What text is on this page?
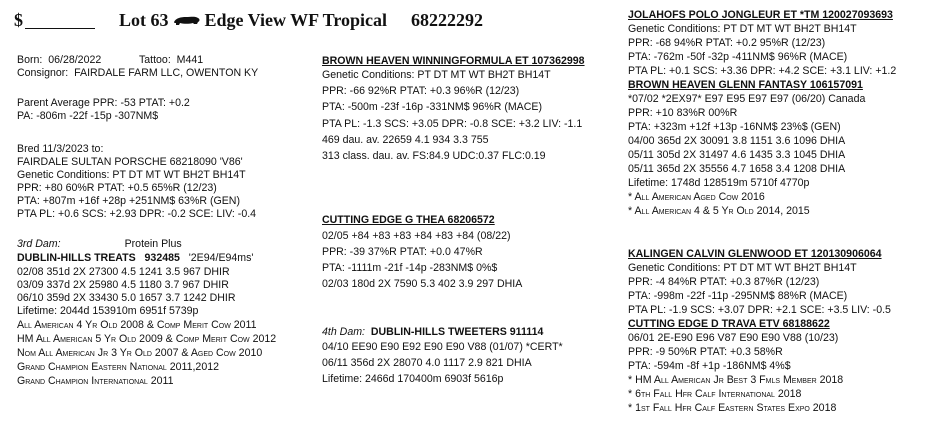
$	Lot 63 Edge View WF Tropical 68222292
Born: 06/28/2022	Tattoo: M441
Consignor: FAIRDALE FARM LLC, OWENTON KY
Parent Average PPR: -53 PTAT: +0.2
PA: -806m -22f -15p -307NM$
Bred 11/3/2023 to:
FAIRDALE SULTAN PORSCHE 68218090 'V86'
Genetic Conditions: PT DT MT WT BH2T BH14T
PPR: +80 60%R PTAT: +0.5 65%R (12/23)
PTA: +807m +16f +28p +251NM$ 63%R (GEN)
PTA PL: +0.6 SCS: +2.93 DPR: -0.2 SCE: LIV: -0.4
3rd Dam:	Protein Plus
DUBLIN-HILLS TREATS 932485 '2E94/E94ms'
02/08 351d 2X 27300 4.5 1241 3.5 967 DHIR
03/09 337d 2X 25980 4.5 1180 3.7 967 DHIR
06/10 359d 2X 33430 5.0 1657 3.7 1242 DHIR
Lifetime: 2044d 153910m 6951f 5739p
All American 4 Yr Old 2008 & Comp Merit Cow 2011
HM All American 5 Yr Old 2009 & Comp Merit Cow 2012
Nom All American Jr 3 Yr Old 2007 & Aged Cow 2010
Grand Champion Eastern National 2011,2012
Grand Champion International 2011
BROWN HEAVEN WINNINGFORMULA ET 107362998
Genetic Conditions: PT DT MT WT BH2T BH14T
PPR: -66 92%R PTAT: +0.3 96%R (12/23)
PTA: -500m -23f -16p -331NM$ 96%R (MACE)
PTA PL: -1.3 SCS: +3.05 DPR: -0.8 SCE: +3.2 LIV: -1.1
469 dau. av. 22659 4.1 934 3.3 755
313 class. dau. av. FS:84.9 UDC:0.37 FLC:0.19
CUTTING EDGE G THEA 68206572
02/05 +84 +83 +83 +84 +83 +84 (08/22)
PPR: -39 37%R PTAT: +0.0 47%R
PTA: -1111m -21f -14p -283NM$ 0%$
02/03 180d 2X 7590 5.3 402 3.9 297 DHIA
4th Dam: DUBLIN-HILLS TWEETERS 911114
04/10 EE90 E90 E92 E90 E90 V88 (01/07) *CERT*
06/11 356d 2X 28070 4.0 1117 2.9 821 DHIA
Lifetime: 2466d 170400m 6903f 5616p
JOLAHOFS POLO JONGLEUR ET *TM 120027093693
Genetic Conditions: PT DT MT WT BH2T BH14T
PPR: -68 94%R PTAT: +0.2 95%R (12/23)
PTA: -762m -50f -32p -411NM$ 96%R (MACE)
PTA PL: +0.1 SCS: +3.36 DPR: +4.2 SCE: +3.1 LIV: +1.2
BROWN HEAVEN GLENN FANTASY 106157091
*07/02 *2EX97* E97 E95 E97 E97 (06/20) Canada
PPR: +10 83%R 00%R
PTA: +323m +12f +13p -16NM$ 23%$ (GEN)
04/00 365d 2X 30091 3.8 1151 3.6 1096 DHIA
05/11 305d 2X 31497 4.6 1435 3.3 1045 DHIA
05/11 365d 2X 35556 4.7 1658 3.4 1208 DHIA
Lifetime: 1748d 128519m 5710f 4770p
* All American Aged Cow 2016
* All American 4 & 5 Yr Old 2014, 2015
KALINGEN CALVIN GLENWOOD ET 120130906064
Genetic Conditions: PT DT MT WT BH2T BH14T
PPR: -4 84%R PTAT: +0.3 87%R (12/23)
PTA: -998m -22f -11p -295NM$ 88%R (MACE)
PTA PL: -1.9 SCS: +3.07 DPR: +2.1 SCE: +3.5 LIV: -0.5
CUTTING EDGE D TRAVA ETV 68188622
06/01 2E-E90 E96 V87 E90 E90 V88 (10/23)
PPR: -9 50%R PTAT: +0.3 58%R
PTA: -594m -8f +1p -186NM$ 4%$
* HM All American Jr Best 3 Fmls Member 2018
* 6th Fall Hfr Calf International 2018
* 1st Fall Hfr Calf Eastern States Expo 2018
